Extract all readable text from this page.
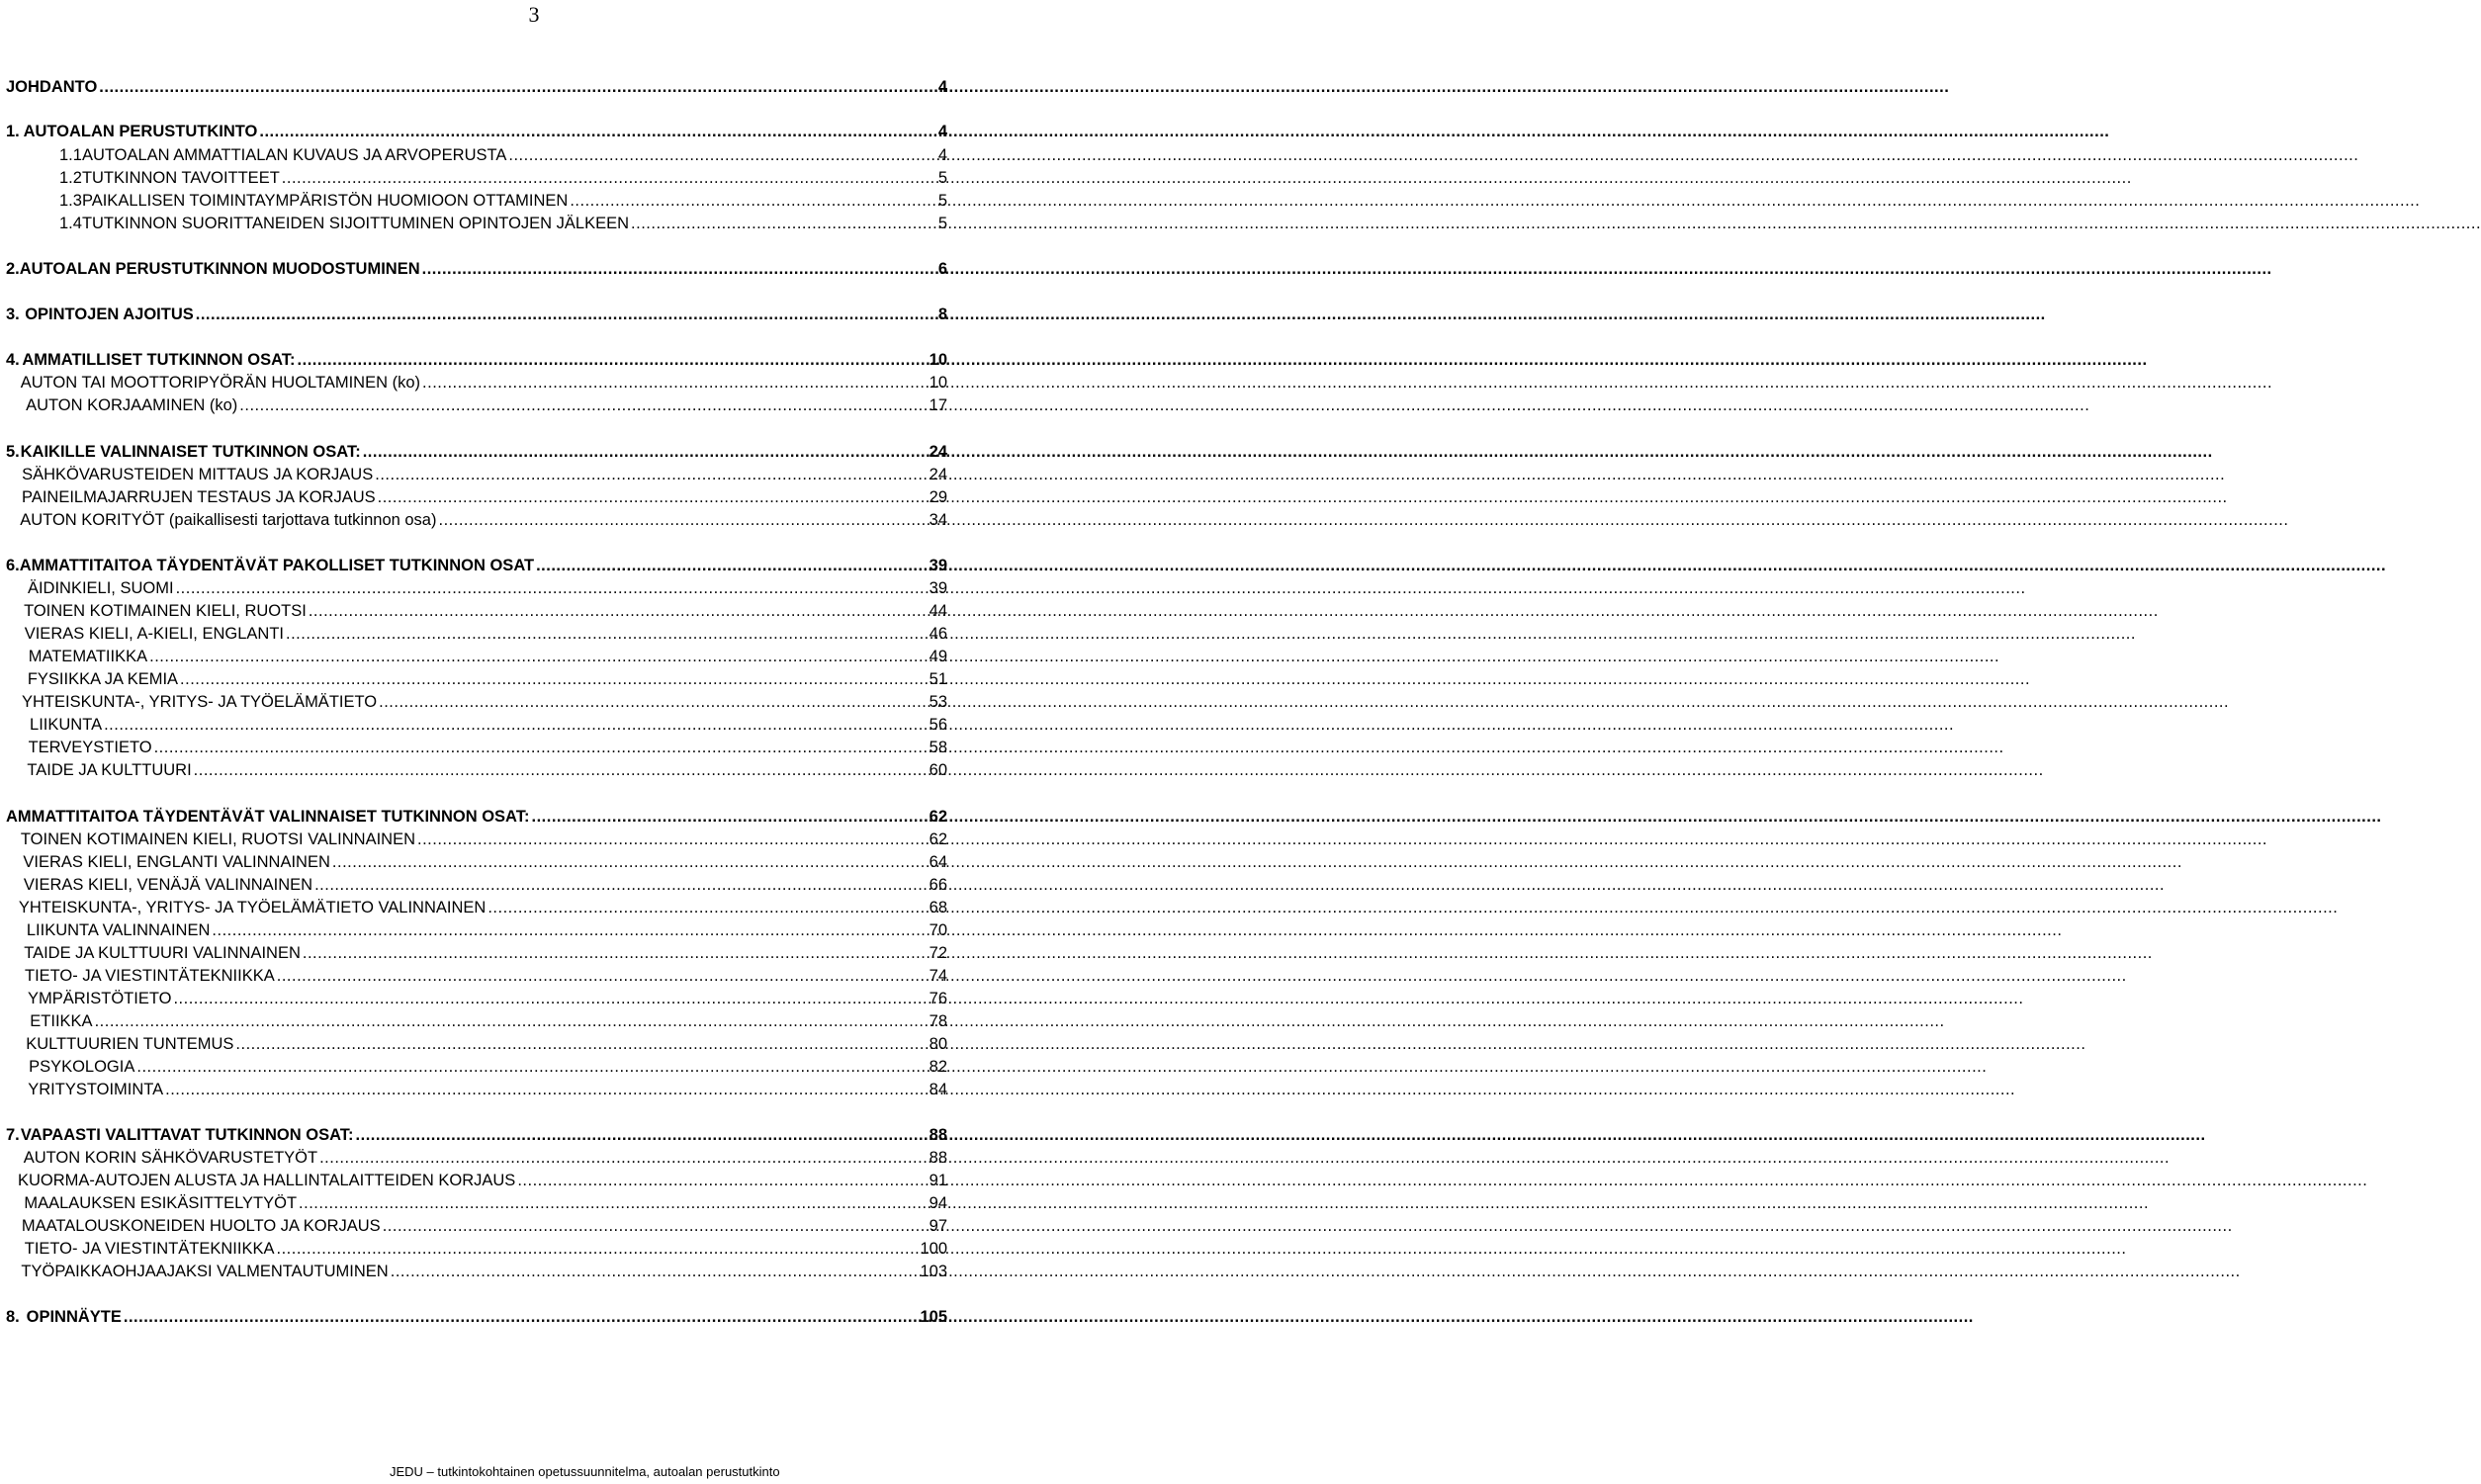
3
JOHDANTO .....	4
1. AUTOALAN PERUSTUTKINTO .....	4
1.1 AUTOALAN AMMATTIALAN KUVAUS JA ARVOPERUSTA .....	4
1.2 TUTKINNON TAVOITTEET .....	5
1.3 PAIKALLISEN TOIMINTAYMPÄRISTÖN HUOMIOON OTTAMINEN .....	5
1.4 TUTKINNON SUORITTANEIDEN SIJOITTUMINEN OPINTOJEN JÄLKEEN .....	5
2. AUTOALAN PERUSTUTKINNON MUODOSTUMINEN .....	6
3. OPINTOJEN AJOITUS .....	8
4. AMMATILLISET TUTKINNON OSAT: .....	10
AUTON TAI MOOTTORIPYÖRÄN HUOLTAMINEN (ko) .....	10
AUTON KORJAAMINEN (ko) .....	17
5. KAIKILLE VALINNAISET TUTKINNON OSAT: .....	24
SÄHKÖVARUSTEIDEN MITTAUS JA KORJAUS .....	24
PAINEILMAJARRUJEN TESTAUS JA KORJAUS .....	29
AUTON KORITYÖT (paikallisesti tarjottava tutkinnon osa) .....	34
6. AMMATTITAITOA TÄYDENTÄVÄT PAKOLLISET TUTKINNON OSAT .....	39
ÄIDINKIELI, SUOMI .....	39
TOINEN KOTIMAINEN KIELI, RUOTSI .....	44
VIERAS KIELI, A-KIELI, ENGLANTI .....	46
MATEMATIIKKA .....	49
FYSIIKKA JA KEMIA .....	51
YHTEISKUNTA-, YRITYS- JA TYÖELÄMÄTIETO .....	53
LIIKUNTA .....	56
TERVEYSTIETO .....	58
TAIDE JA KULTTUURI .....	60
AMMATTITAITOA TÄYDENTÄVÄT VALINNAISET TUTKINNON OSAT: .....	62
TOINEN KOTIMAINEN KIELI, RUOTSI VALINNAINEN .....	62
VIERAS KIELI, ENGLANTI VALINNAINEN .....	64
VIERAS KIELI, VENÄJÄ VALINNAINEN .....	66
YHTEISKUNTA-, YRITYS- JA TYÖELÄMÄTIETO VALINNAINEN .....	68
LIIKUNTA VALINNAINEN .....	70
TAIDE JA KULTTUURI VALINNAINEN .....	72
TIETO- JA VIESTINTÄTEKNIIKKA .....	74
YMPÄRISTÖTIETO .....	76
ETIIKKA .....	78
KULTTUURIEN TUNTEMUS .....	80
PSYKOLOGIA .....	82
YRITYSTOIMINTA .....	84
7. VAPAASTI VALITTAVAT TUTKINNON OSAT: .....	88
AUTON KORIN SÄHKÖVARUSTETYÖT .....	88
KUORMA-AUTOJEN ALUSTA JA HALLINTALAITTEIDEN KORJAUS .....	91
MAALAUKSEN ESIKÄSITTELYTYÖT .....	94
MAATALOUSKONEIDEN HUOLTO JA KORJAUS .....	97
TIETO- JA VIESTINTÄTEKNIIKKA .....	100
TYÖPAIKKAOHJAAJAKSI VALMENTAUTUMINEN .....	103
8. OPINNÄYTE .....	105
JEDU – tutkintokohtainen opetussuunnitelma, autoalan perustutkinto
